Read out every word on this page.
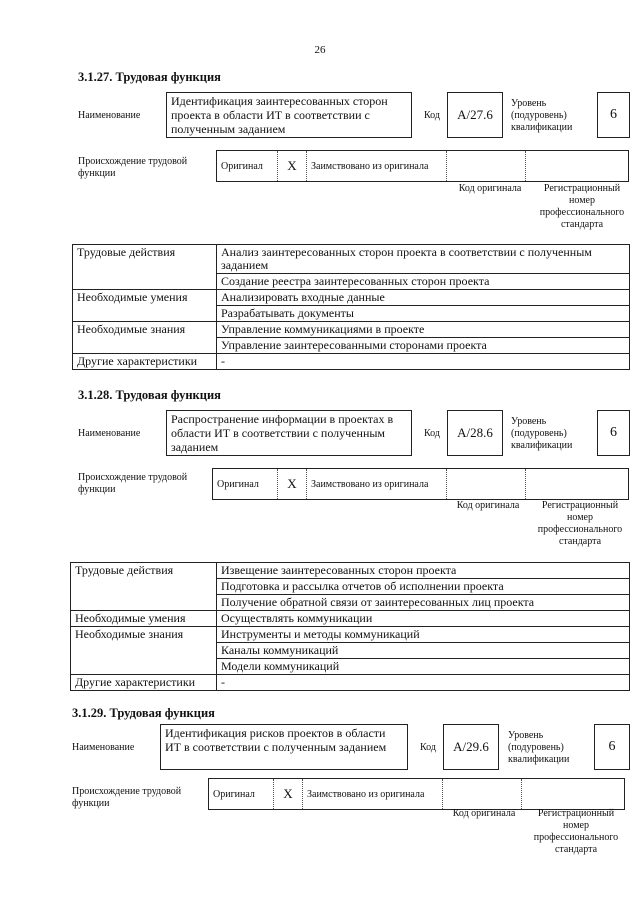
26
3.1.27. Трудовая функция
Наименование
Идентификация заинтересованных сторон проекта в области ИТ в соответствии с полученным заданием
Код	A/27.6
Уровень (подуровень) квалификации
6
Происхождение трудовой функции
Оригинал	X	Заимствовано из оригинала		
Код оригинала	Регистрационный номер профессионального стандарта
Трудовые действия	Анализ заинтересованных сторон проекта в соответствии с полученным заданием
	Создание реестра заинтересованных сторон проекта
Необходимые умения	Анализировать входные данные
	Разрабатывать документы
Необходимые знания	Управление коммуникациями в проекте
	Управление заинтересованными сторонами проекта
Другие характеристики	-
3.1.28. Трудовая функция
Наименование
Распространение информации в проектах в области ИТ в соответствии с полученным заданием
Код	A/28.6
Уровень (подуровень) квалификации
6
Происхождение трудовой функции	Оригинал	X	Заимствовано из оригинала		
Код оригинала	Регистрационный номер профессионального стандарта
Трудовые действия	Извещение заинтересованных сторон проекта
	Подготовка и рассылка отчетов об исполнении проекта
	Получение обратной связи от заинтересованных лиц проекта
Необходимые умения	Осуществлять коммуникации
Необходимые знания	Инструменты и методы коммуникаций
	Каналы коммуникаций
	Модели коммуникаций
Другие характеристики	-
3.1.29. Трудовая функция
Наименование
Идентификация рисков проектов в области ИТ в соответствии с полученным заданием	Код	A/29.6
Уровень (подуровень) квалификации
6
Происхождение трудовой функции
Оригинал	X	Заимствовано из оригинала		
Код оригинала	Регистрационный номер профессионального стандарта
